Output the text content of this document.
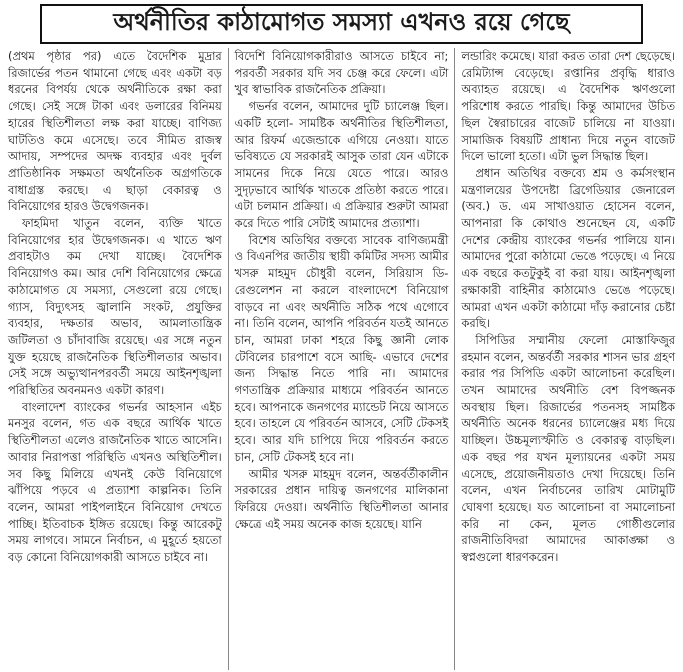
অর্থনীতির কাঠামোগত সমস্যা এখনও রয়ে গেছে

(প্রথম পৃষ্ঠার পর) এতে বৈদেশিক মুদ্রার রিজার্ভের পতন থামানো গেছে এবং একটা বড় ধরনের বিপর্যয় থেকে অর্থনীতিকে রক্ষা করা গেছে। সেই সঙ্গে টাকা এবং ডলারের বিনিময় হারের স্থিতিশীলতা লক্ষ করা যাচ্ছে। বাণিজ্য ঘাটতিও কমে এসেছে। তবে সীমিত রাজস্ব আদায়, সম্পদের অদক্ষ ব্যবহার এবং দুর্বল প্রাতিষ্ঠানিক সক্ষমতা অর্থনৈতিক অগ্রগতিকে বাধাগ্রস্ত করছে। এ ছাড়া বেকারত্ব ও বিনিয়োগের হারও উদ্বেগজনক।

ফাহমিদা খাতুন বলেন, ব্যক্তি খাতে বিনিয়োগের হার উদ্বেগজনক। এ খাতে ঋণ প্রবাহটাও কম দেখা যাচ্ছে। বৈদেশিক বিনিয়োগও কম। আর দেশি বিনিয়োগের ক্ষেত্রে কাঠামোগত যে সমস্যা, সেগুলো রয়ে গেছে। গ্যাস, বিদ্যুৎসহ জ্বালানি সংকট, প্রযুক্তির ব্যবহার, দক্ষতার অভাব, আমলাতান্ত্রিক জটিলতা ও চাঁদাবাজি রয়েছে। এর সঙ্গে নতুন যুক্ত হয়েছে রাজনৈতিক স্থিতিশীলতার অভাব। সেই সঙ্গে অভ্যুত্থানপরবর্তী সময়ে আইনশৃঙ্খলা পরিস্থিতির অবনমনও একটা কারণ।

বাংলাদেশ ব্যাংকের গভর্নর আহসান এইচ মনসুর বলেন, গত এক বছরে আর্থিক খাতে স্থিতিশীলতা এলেও রাজনৈতিক খাতে আসেনি। আবার নিরাপত্তা পরিস্থিতি এখনও অস্থিতিশীল। সব কিছু মিলিয়ে এখনই কেউ বিনিয়োগে ঝাঁপিয়ে পড়বে এ প্রত্যাশা কাল্পনিক। তিনি বলেন, আমরা পাইপলাইনে বিনিয়োগ দেখতে পাচ্ছি। ইতিবাচক ইঙ্গিত রয়েছে। কিন্তু আরেকটু সময় লাগবে। সামনে নির্বাচন, এ মুহূর্তে হয়তো বড় কোনো বিনিয়োগকারী আসতে চাইবে না।

বিদেশি বিনিয়োগকারীরাও আসতে চাইবে না; পরবর্তী সরকার যদি সব চেঞ্জ করে ফেলে। এটা খুব স্বাভাবিক রাজনৈতিক প্রক্রিয়া।

গভর্নর বলেন, আমাদের দুটি চ্যালেঞ্জ ছিল। একটি হলো- সামষ্টিক অর্থনীতির স্থিতিশীলতা, আর রিফর্ম এজেন্ডাকে এগিয়ে নেওয়া। যাতে ভবিষ্যতে যে সরকারই আসুক তারা যেন এটাকে সামনের দিকে নিয়ে যেতে পারে। আরও সুদৃঢ়ভাবে আর্থিক খাতকে প্রতিষ্ঠা করতে পারে। এটা চলমান প্রক্রিয়া। এ প্রক্রিয়ার শুরুটা আমরা করে দিতে পারি সেটাই আমাদের প্রত্যাশা।

বিশেষ অতিথির বক্তব্যে সাবেক বাণিজ্যমন্ত্রী ও বিএনপির জাতীয় স্থায়ী কমিটির সদস্য আমীর খসরু মাহমুদ চৌধুরী বলেন, সিরিয়াস ডি-রেগুলেশন না করলে বাংলাদেশে বিনিয়োগ বাড়বে না এবং অর্থনীতি সঠিক পথে এগোবে না। তিনি বলেন, আপনি পরিবর্তন যতই আনতে চান, আমরা ঢাকা শহরে কিছু জ্ঞানী লোক টেবিলের চারপাশে বসে আছি- এভাবে দেশের জন্য সিদ্ধান্ত নিতে পারি না। আমাদের গণতান্ত্রিক প্রক্রিয়ার মাধ্যমে পরিবর্তন আনতে হবে। আপনাকে জনগণের ম্যান্ডেট নিয়ে আসতে হবে। তাহলে যে পরিবর্তন আসবে, সেটি টেকসই হবে। আর যদি চাপিয়ে দিয়ে পরিবর্তন করতে চান, সেটি টেকসই হবে না।

আমীর খসরু মাহমুদ বলেন, অন্তর্বর্তীকালীন সরকারের প্রধান দায়িত্ব জনগণের মালিকানা ফিরিয়ে দেওয়া। অর্থনীতি স্থিতিশীলতা আনার ক্ষেত্রে এই সময় অনেক কাজ হয়েছে। যানি

লন্ডারিং কমেছে। যারা করত তারা দেশ ছেড়েছে। রেমিট্যান্স বেড়েছে। রপ্তানির প্রবৃদ্ধি ধারাও অব্যাহত রয়েছে। এ বৈদেশিক ঋণগুলো পরিশোধ করতে পারছি। কিন্তু আমাদের উচিত ছিল স্বৈরাচারের বাজেট চালিয়ে না যাওয়া। সামাজিক বিষয়টি প্রাধান্য দিয়ে নতুন বাজেট দিলে ভালো হতো। এটা ভুল সিদ্ধান্ত ছিল।

প্রধান অতিথির বক্তব্যে শ্রম ও কর্মসংস্থান মন্ত্রণালয়ের উপদেষ্টা ব্রিগেডিয়ার জেনারেল (অব.) ড. এম সাখাওয়াত হোসেন বলেন, আপনারা কি কোথাও শুনেছেন যে, একটি দেশের কেন্দ্রীয় ব্যাংকের গভর্নর পালিয়ে যান। আমাদের পুরো কাঠামো ভেঙে পড়েছে। এ নিয়ে এক বছরে কতটুকুই বা করা যায়। আইনশৃঙ্খলা রক্ষাকারী বাহিনীর কাঠামোও ভেঙে পড়েছে। আমরা এখন একটা কাঠামো দাঁড় করানোর চেষ্টা করছি।

সিপিডির সম্মানীয় ফেলো মোস্তাফিজুর রহমান বলেন, অন্তর্বর্তী সরকার শাসন ভার গ্রহণ করার পর সিপিডি একটা আলোচনা করেছিল। তখন আমাদের অর্থনীতি বেশ বিপজ্জনক অবস্থায় ছিল। রিজার্ভের পতনসহ সামষ্টিক অর্থনীতি অনেক ধরনের চ্যালেঞ্জের মধ্য দিয়ে যাচ্ছিল। উচ্চমূল্যস্ফীতি ও বেকারত্ব বাড়ছিল। এক বছর পর যখন মূল্যায়নের একটা সময় এসেছে, প্রয়োজনীয়তাও দেখা দিয়েছে। তিনি বলেন, এখন নির্বাচনের তারিখ মোটামুটি ঘোষণা হয়েছে। যত আলোচনা বা সমালোচনা করি না কেন, মূলত গোষ্ঠীগুলোর রাজনীতিবিদরা আমাদের আকাঙ্ক্ষা ও স্বপ্নগুলো ধারণকরেন।
